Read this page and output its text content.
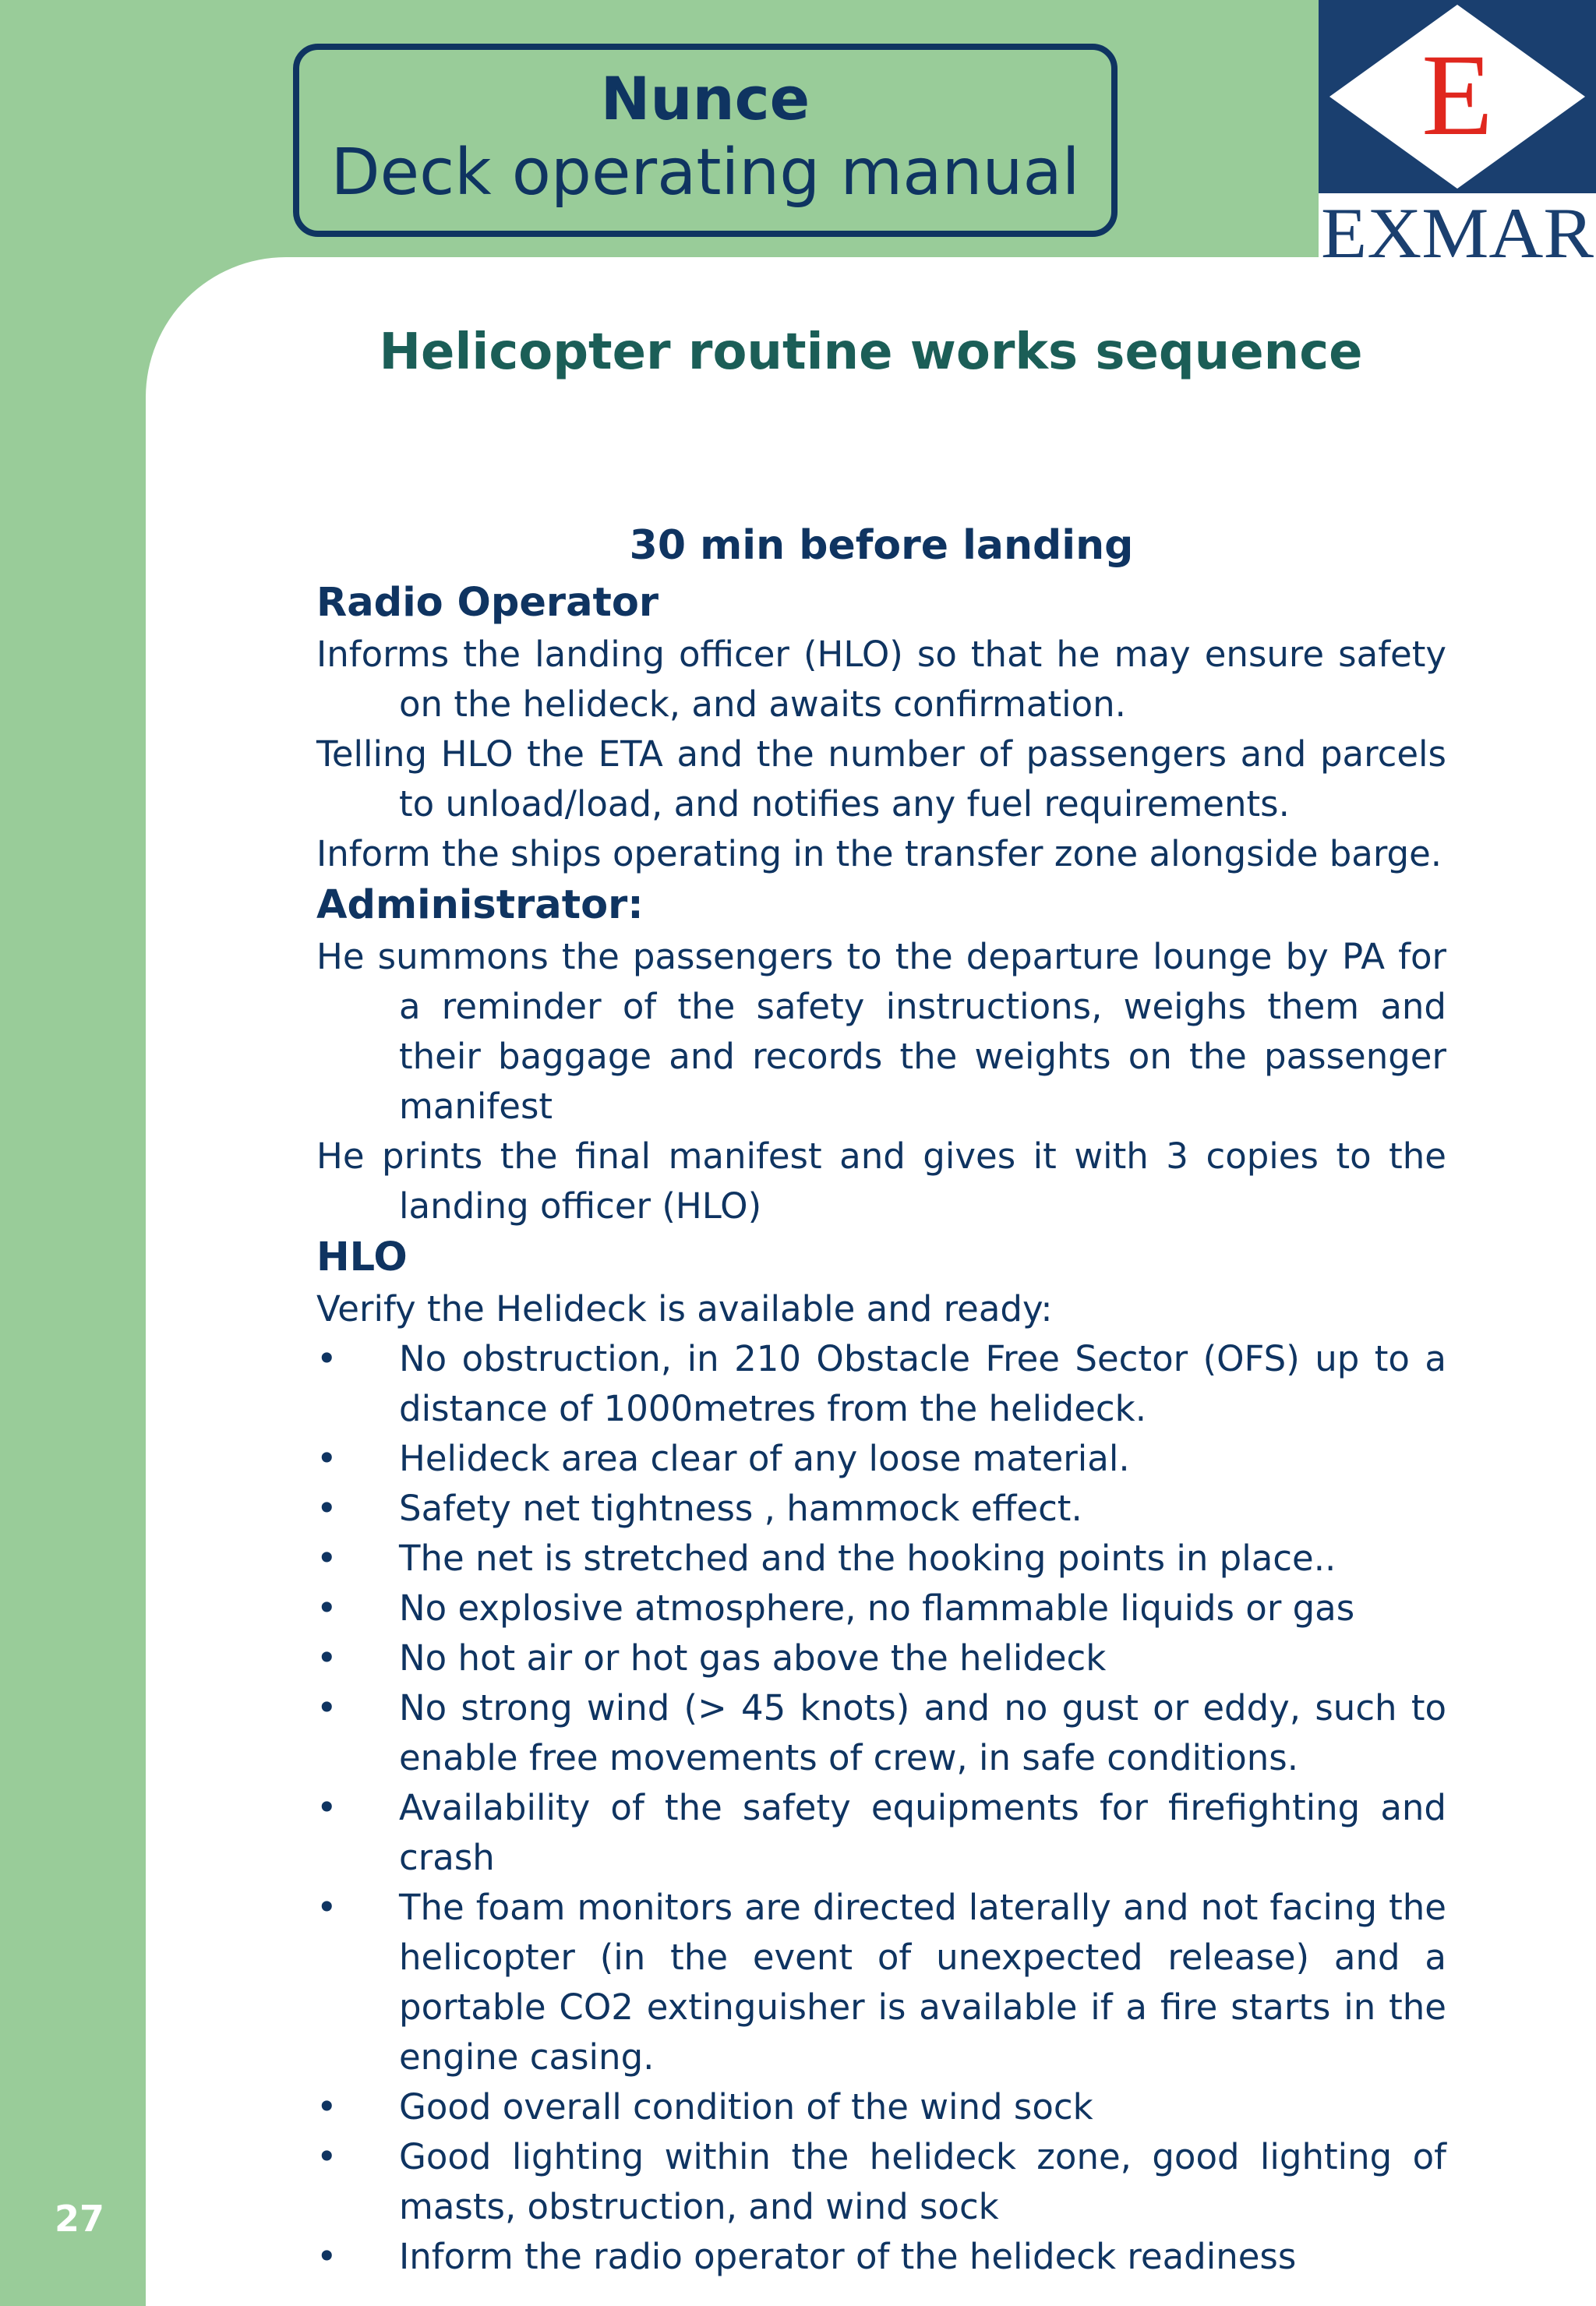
Nunce
Deck operating manual
E
EXMAR
27
Helicopter routine works sequence
30 min before landing
Radio Operator
Informs the landing officer (HLO) so that he may ensure safety on the helideck, and awaits confirmation.
Telling HLO the ETA and the number of passengers and parcels to unload/load, and notifies any fuel requirements.
Inform the ships operating in the transfer zone alongside barge.
Administrator:
He summons the passengers to the departure lounge by PA for a reminder of the safety instructions, weighs them and their baggage and records the weights on the passenger manifest
He prints the final manifest and gives it with 3 copies to the landing officer (HLO)
HLO
Verify the Helideck is available and ready:
• No obstruction, in 210 Obstacle Free Sector (OFS) up to a distance of 1000metres from the helideck.
• Helideck area clear of any loose material.
• Safety net tightness , hammock effect.
• The net is stretched and the hooking points in place..
• No explosive atmosphere, no flammable liquids or gas
• No hot air or hot gas above the helideck
• No strong wind (> 45 knots) and no gust or eddy, such to enable free movements of crew, in safe conditions.
• Availability of the safety equipments for firefighting and crash
• The foam monitors are directed laterally and not facing the helicopter (in the event of unexpected release) and a portable CO2 extinguisher is available if a fire starts in the engine casing.
• Good overall condition of the wind sock
• Good lighting within the helideck zone, good lighting of masts, obstruction, and wind sock
• Inform the radio operator of the helideck readiness
